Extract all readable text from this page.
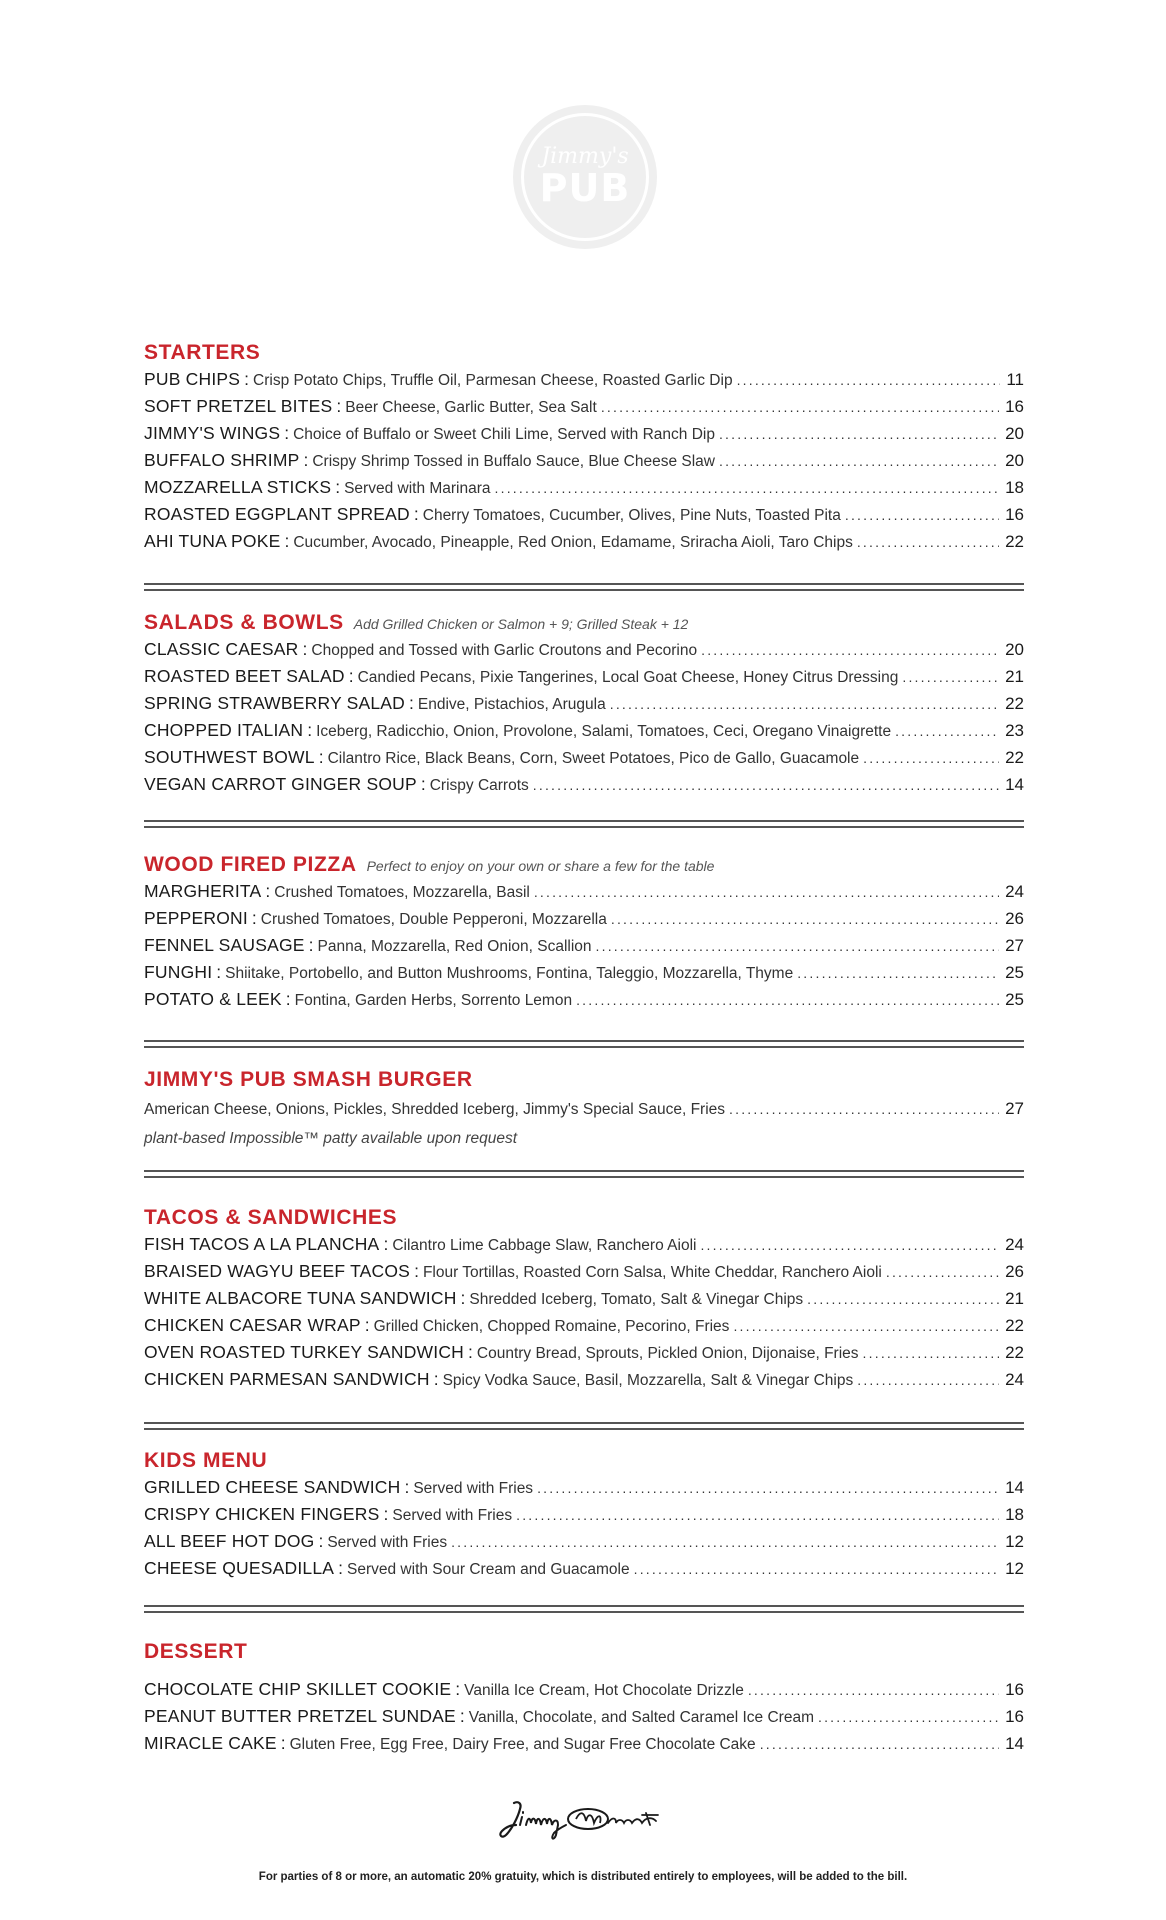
Jimmy's
PUB
STARTERS
PUB CHIPS : Crisp Potato Chips, Truffle Oil, Parmesan Cheese, Roasted Garlic Dip .....	11
SOFT PRETZEL BITES : Beer Cheese, Garlic Butter, Sea Salt .....	16
JIMMY'S WINGS : Choice of Buffalo or Sweet Chili Lime, Served with Ranch Dip .....	20
BUFFALO SHRIMP : Crispy Shrimp Tossed in Buffalo Sauce, Blue Cheese Slaw .....	20
MOZZARELLA STICKS : Served with Marinara .....	18
ROASTED EGGPLANT SPREAD : Cherry Tomatoes, Cucumber, Olives, Pine Nuts, Toasted Pita .....	16
AHI TUNA POKE : Cucumber, Avocado, Pineapple, Red Onion, Edamame, Sriracha Aioli, Taro Chips .....	22
SALADS & BOWLS Add Grilled Chicken or Salmon + 9; Grilled Steak + 12
CLASSIC CAESAR : Chopped and Tossed with Garlic Croutons and Pecorino .....	20
ROASTED BEET SALAD : Candied Pecans, Pixie Tangerines, Local Goat Cheese, Honey Citrus Dressing .....	21
SPRING STRAWBERRY SALAD : Endive, Pistachios, Arugula .....	22
CHOPPED ITALIAN : Iceberg, Radicchio, Onion, Provolone, Salami, Tomatoes, Ceci, Oregano Vinaigrette .....	23
SOUTHWEST BOWL : Cilantro Rice, Black Beans, Corn, Sweet Potatoes, Pico de Gallo, Guacamole .....	22
VEGAN CARROT GINGER SOUP : Crispy Carrots .....	14
WOOD FIRED PIZZA Perfect to enjoy on your own or share a few for the table
MARGHERITA : Crushed Tomatoes, Mozzarella, Basil .....	24
PEPPERONI : Crushed Tomatoes, Double Pepperoni, Mozzarella .....	26
FENNEL SAUSAGE : Panna, Mozzarella, Red Onion, Scallion .....	27
FUNGHI : Shiitake, Portobello, and Button Mushrooms, Fontina, Taleggio, Mozzarella, Thyme .....	25
POTATO & LEEK : Fontina, Garden Herbs, Sorrento Lemon .....	25
JIMMY'S PUB SMASH BURGER
American Cheese, Onions, Pickles, Shredded Iceberg, Jimmy's Special Sauce, Fries .....	27
plant-based Impossible™ patty available upon request
TACOS & SANDWICHES
FISH TACOS A LA PLANCHA : Cilantro Lime Cabbage Slaw, Ranchero Aioli .....	24
BRAISED WAGYU BEEF TACOS : Flour Tortillas, Roasted Corn Salsa, White Cheddar, Ranchero Aioli .....	26
WHITE ALBACORE TUNA SANDWICH : Shredded Iceberg, Tomato, Salt & Vinegar Chips .....	21
CHICKEN CAESAR WRAP : Grilled Chicken, Chopped Romaine, Pecorino, Fries .....	22
OVEN ROASTED TURKEY SANDWICH : Country Bread, Sprouts, Pickled Onion, Dijonaise, Fries .....	22
CHICKEN PARMESAN SANDWICH : Spicy Vodka Sauce, Basil, Mozzarella, Salt & Vinegar Chips .....	24
KIDS MENU
GRILLED CHEESE SANDWICH : Served with Fries .....	14
CRISPY CHICKEN FINGERS : Served with Fries .....	18
ALL BEEF HOT DOG : Served with Fries .....	12
CHEESE QUESADILLA : Served with Sour Cream and Guacamole .....	12
DESSERT
CHOCOLATE CHIP SKILLET COOKIE : Vanilla Ice Cream, Hot Chocolate Drizzle .....	16
PEANUT BUTTER PRETZEL SUNDAE : Vanilla, Chocolate, and Salted Caramel Ice Cream .....	16
MIRACLE CAKE : Gluten Free, Egg Free, Dairy Free, and Sugar Free Chocolate Cake .....	14
For parties of 8 or more, an automatic 20% gratuity, which is distributed entirely to employees, will be added to the bill.
